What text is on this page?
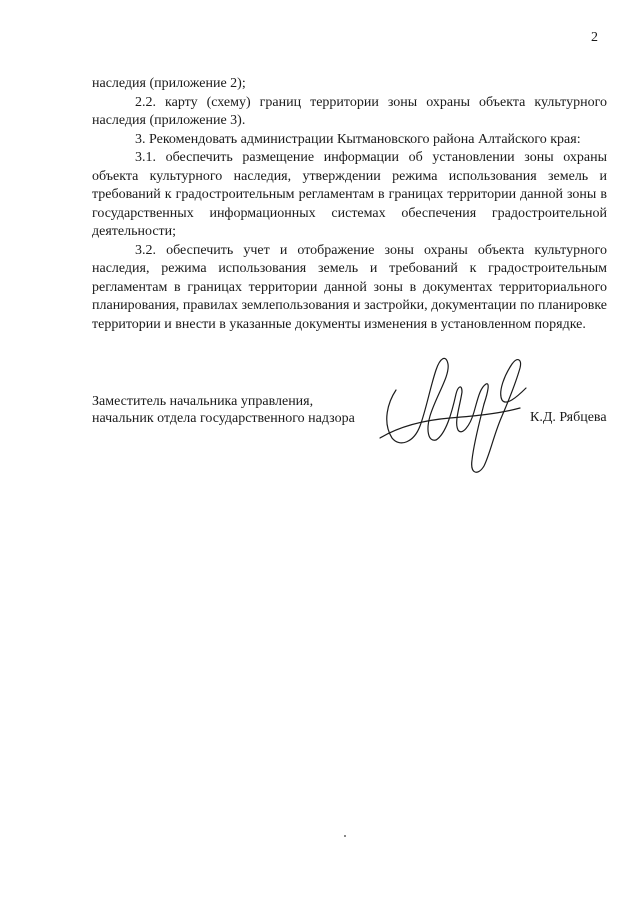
2

наследия (приложение 2);

2.2. карту (схему) границ территории зоны охраны объекта культурного наследия (приложение 3).

3. Рекомендовать администрации Кытмановского района Алтайского края:

3.1. обеспечить размещение информации об установлении зоны охраны объекта культурного наследия, утверждении режима использования земель и требований к градостроительным регламентам в границах территории данной зоны в государственных информационных системах обеспечения градостроительной деятельности;

3.2. обеспечить учет и отображение зоны охраны объекта культурного наследия, режима использования земель и требований к градостроительным регламентам в границах территории данной зоны в документах территориального планирования, правилах землепользования и застройки, документации по планировке территории и внести в указанные документы изменения в установленном порядке.

Заместитель начальника управления,
начальник отдела государственного надзора	К.Д. Рябцева
